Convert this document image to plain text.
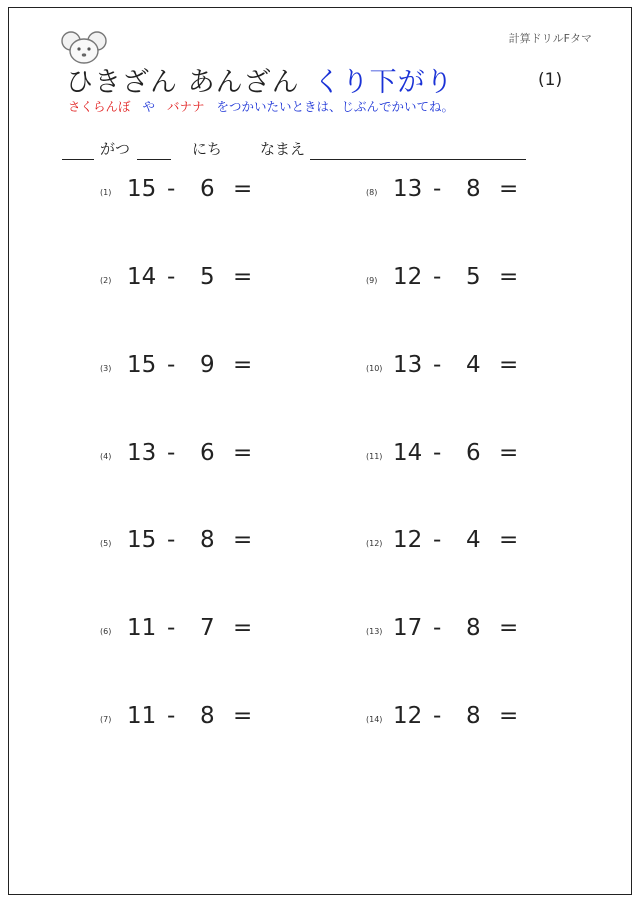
計算ドリルFタマ
ひきざん あんざん くり下がり	(1)
さくらんぼ や バナナ をつかいたいときは、じぶんでかいてね。
がつ	にち	なまえ
(1) 15 - 6 =
(2) 14 - 5 =
(3) 15 - 9 =
(4) 13 - 6 =
(5) 15 - 8 =
(6) 11 - 7 =
(7) 11 - 8 =
(8) 13 - 8 =
(9) 12 - 5 =
(10) 13 - 4 =
(11) 14 - 6 =
(12) 12 - 4 =
(13) 17 - 8 =
(14) 12 - 8 =
